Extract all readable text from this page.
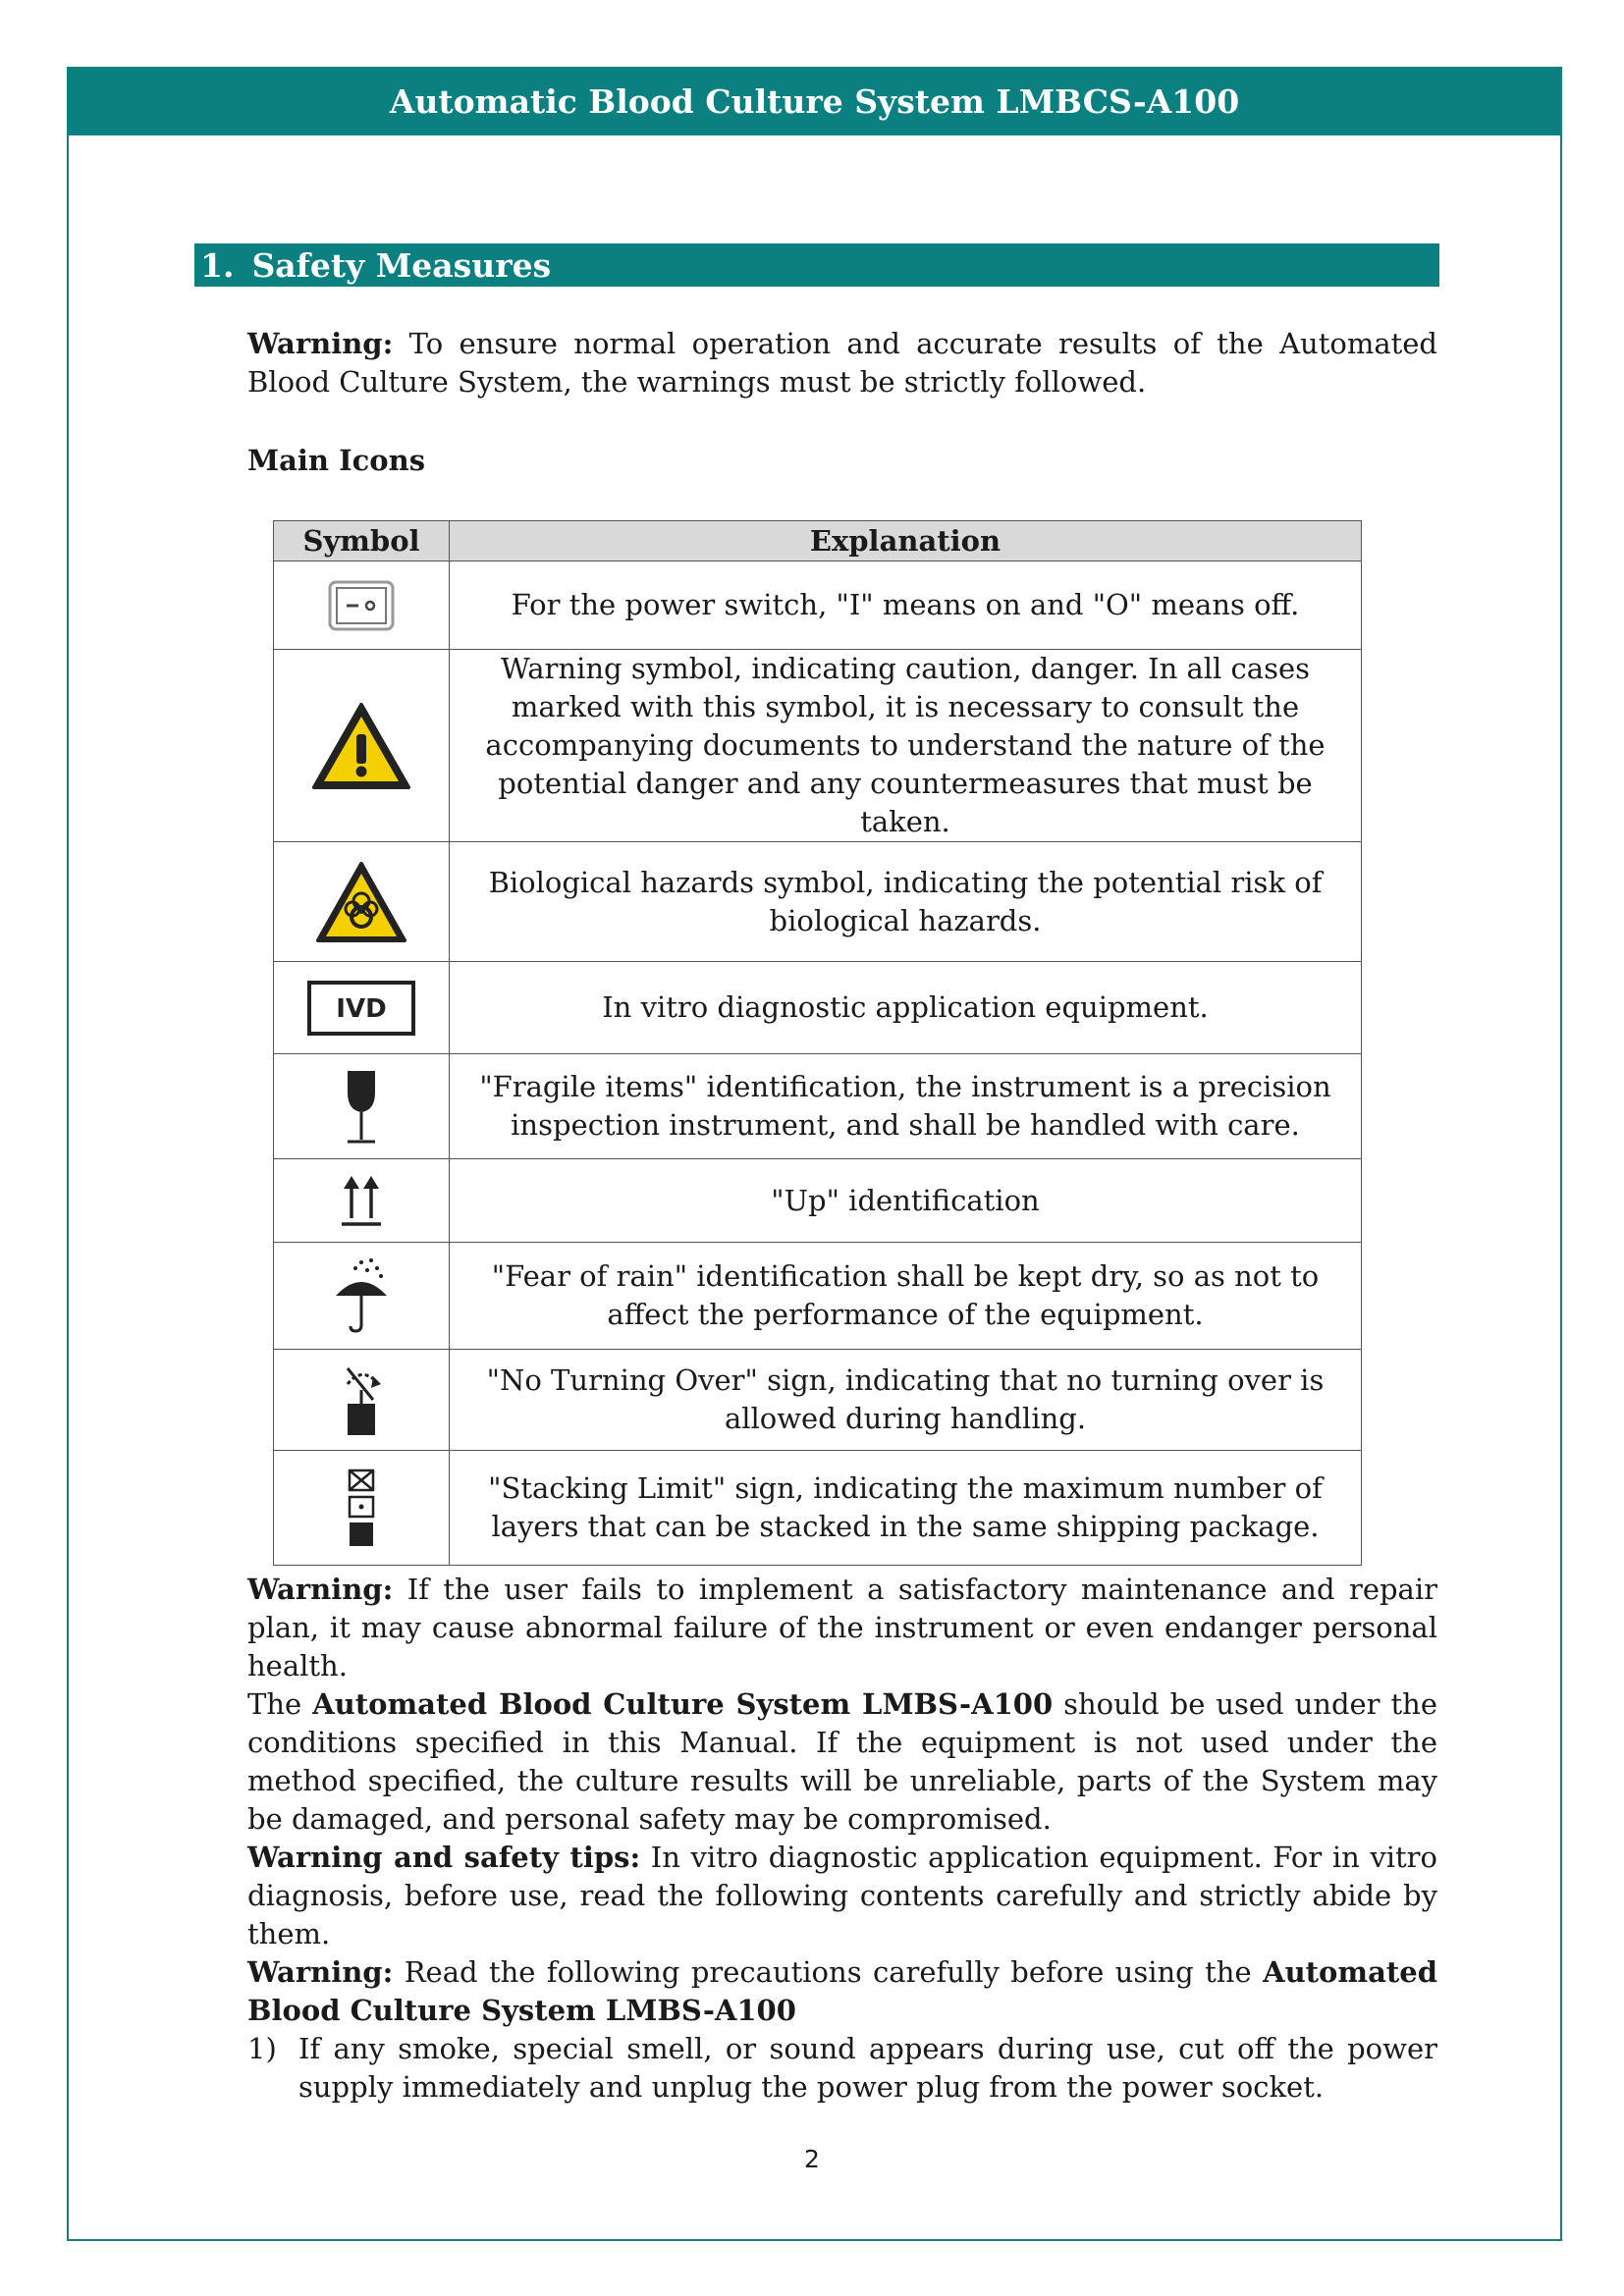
Automatic Blood Culture System LMBCS-A100
1. Safety Measures
Warning: To ensure normal operation and accurate results of the Automated Blood Culture System, the warnings must be strictly followed.
Main Icons
Symbol	Explanation

	For the power switch, "I" means on and "O" means off.

	Warning symbol, indicating caution, danger. In all cases marked with this symbol, it is necessary to consult the accompanying documents to understand the nature of the potential danger and any countermeasures that must be taken.

	Biological hazards symbol, indicating the potential risk of biological hazards.

IVD	In vitro diagnostic application equipment.

	"Fragile items" identification, the instrument is a precision inspection instrument, and shall be handled with care.

	"Up" identification

	"Fear of rain" identification shall be kept dry, so as not to affect the performance of the equipment.

	"No Turning Over" sign, indicating that no turning over is allowed during handling.

	"Stacking Limit" sign, indicating the maximum number of layers that can be stacked in the same shipping package.
Warning: If the user fails to implement a satisfactory maintenance and repair plan, it may cause abnormal failure of the instrument or even endanger personal health.
The Automated Blood Culture System LMBS-A100 should be used under the conditions specified in this Manual. If the equipment is not used under the method specified, the culture results will be unreliable, parts of the System may be damaged, and personal safety may be compromised.
Warning and safety tips: In vitro diagnostic application equipment. For in vitro diagnosis, before use, read the following contents carefully and strictly abide by them.
Warning: Read the following precautions carefully before using the Automated Blood Culture System LMBS-A100
1) If any smoke, special smell, or sound appears during use, cut off the power supply immediately and unplug the power plug from the power socket.
2
